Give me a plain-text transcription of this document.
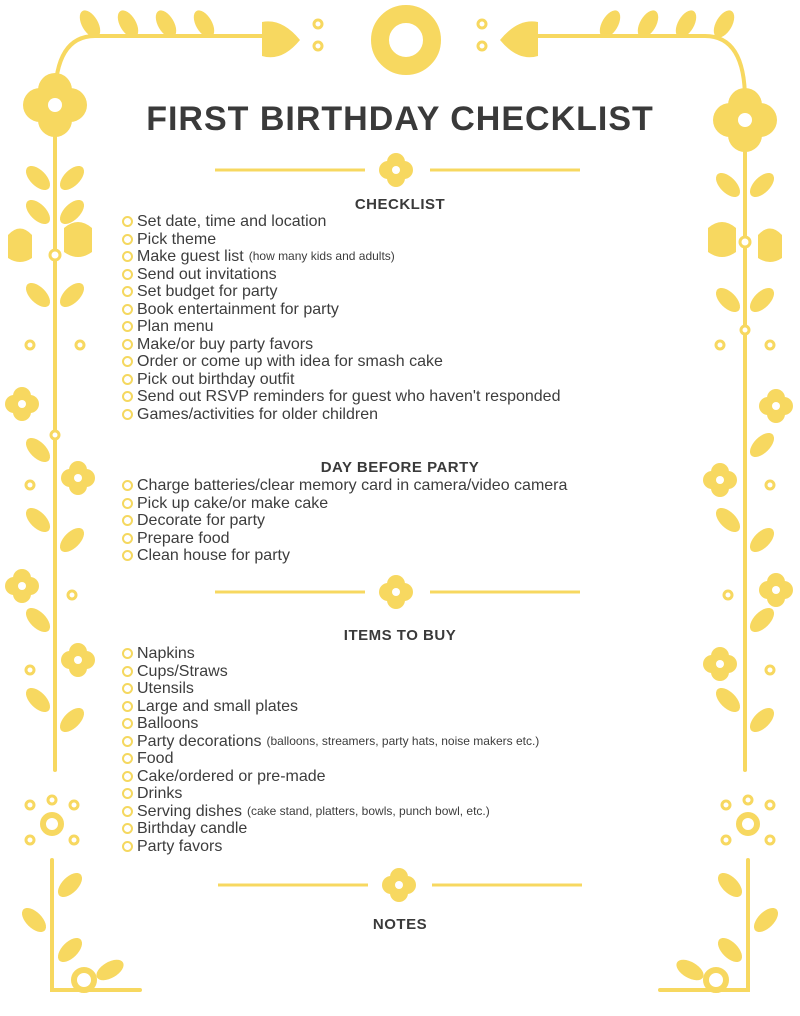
FIRST BIRTHDAY CHECKLIST
CHECKLIST
Set date, time and location
Pick theme
Make guest list (how many kids and adults)
Send out invitations
Set budget for party
Book entertainment for party
Plan menu
Make/or buy party favors
Order or come up with idea for smash cake
Pick out birthday outfit
Send out RSVP reminders for guest who haven't responded
Games/activities for older children
DAY BEFORE PARTY
Charge batteries/clear memory card in camera/video camera
Pick up cake/or make cake
Decorate for party
Prepare food
Clean house for party
ITEMS TO BUY
Napkins
Cups/Straws
Utensils
Large and small plates
Balloons
Party decorations (balloons, streamers, party hats, noise makers etc.)
Food
Cake/ordered or pre-made
Drinks
Serving dishes (cake stand, platters, bowls, punch bowl, etc.)
Birthday candle
Party favors
NOTES
